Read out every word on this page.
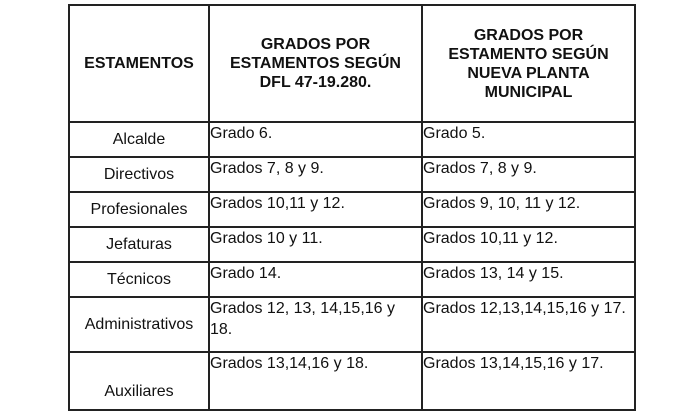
ESTAMENTOS	GRADOS POR ESTAMENTOS SEGÚN DFL 47-19.280.	GRADOS POR ESTAMENTO SEGÚN NUEVA PLANTA MUNICIPAL
Alcalde	Grado 6.	Grado 5.
Directivos	Grados 7, 8 y 9.	Grados 7, 8 y 9.
Profesionales	Grados 10,11 y 12.	Grados 9, 10, 11 y 12.
Jefaturas	Grados 10 y 11.	Grados 10,11 y 12.
Técnicos	Grado 14.	Grados 13, 14 y 15.
Administrativos	Grados 12, 13, 14,15,16 y 18.	Grados 12,13,14,15,16 y 17.
Auxiliares	Grados 13,14,16 y 18.	Grados 13,14,15,16 y 17.
